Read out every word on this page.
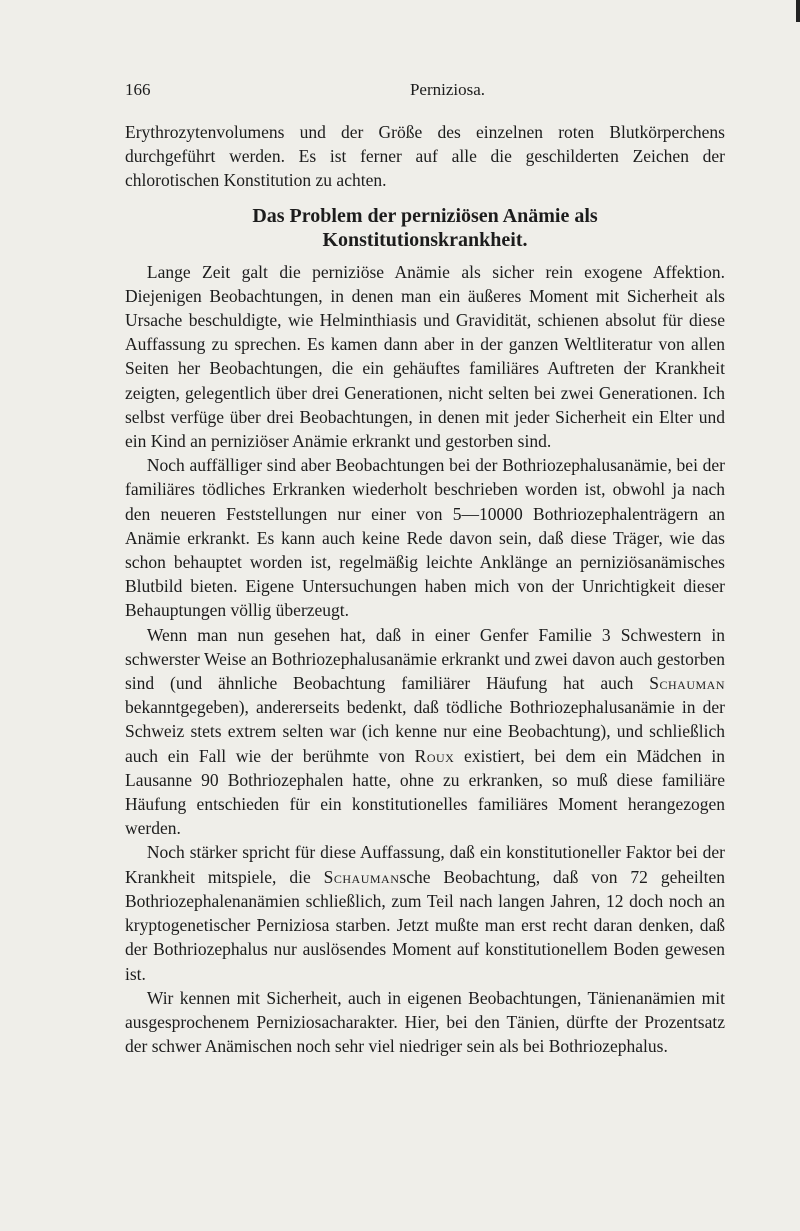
166	Perniziosa.

Erythrozytenvolumens und der Größe des einzelnen roten Blutkörperchens durchgeführt werden. Es ist ferner auf alle die geschilderten Zeichen der chlorotischen Konstitution zu achten.

Das Problem der perniziösen Anämie als
Konstitutionskrankheit.

Lange Zeit galt die perniziöse Anämie als sicher rein exogene Affektion. Diejenigen Beobachtungen, in denen man ein äußeres Moment mit Sicherheit als Ursache beschuldigte, wie Helminthiasis und Gravidität, schienen absolut für diese Auffassung zu sprechen. Es kamen dann aber in der ganzen Weltliteratur von allen Seiten her Beobachtungen, die ein gehäuftes familiäres Auftreten der Krankheit zeigten, gelegentlich über drei Generationen, nicht selten bei zwei Generationen. Ich selbst verfüge über drei Beobachtungen, in denen mit jeder Sicherheit ein Elter und ein Kind an perniziöser Anämie erkrankt und gestorben sind.

Noch auffälliger sind aber Beobachtungen bei der Bothriozephalusanämie, bei der familiäres tödliches Erkranken wiederholt beschrieben worden ist, obwohl ja nach den neueren Feststellungen nur einer von 5—10000 Bothriozephalenträgern an Anämie erkrankt. Es kann auch keine Rede davon sein, daß diese Träger, wie das schon behauptet worden ist, regelmäßig leichte Anklänge an perniziösanämisches Blutbild bieten. Eigene Untersuchungen haben mich von der Unrichtigkeit dieser Behauptungen völlig überzeugt.

Wenn man nun gesehen hat, daß in einer Genfer Familie 3 Schwestern in schwerster Weise an Bothriozephalusanämie erkrankt und zwei davon auch gestorben sind (und ähnliche Beobachtung familiärer Häufung hat auch Schauman bekanntgegeben), andererseits bedenkt, daß tödliche Bothriozephalusanämie in der Schweiz stets extrem selten war (ich kenne nur eine Beobachtung), und schließlich auch ein Fall wie der berühmte von Roux existiert, bei dem ein Mädchen in Lausanne 90 Bothriozephalen hatte, ohne zu erkranken, so muß diese familiäre Häufung entschieden für ein konstitutionelles familiäres Moment herangezogen werden.

Noch stärker spricht für diese Auffassung, daß ein konstitutioneller Faktor bei der Krankheit mitspiele, die Schaumansche Beobachtung, daß von 72 geheilten Bothriozephalenanämien schließlich, zum Teil nach langen Jahren, 12 doch noch an kryptogenetischer Perniziosa starben. Jetzt mußte man erst recht daran denken, daß der Bothriozephalus nur auslösendes Moment auf konstitutionellem Boden gewesen ist.

Wir kennen mit Sicherheit, auch in eigenen Beobachtungen, Tänienanämien mit ausgesprochenem Perniziosacharakter. Hier, bei den Tänien, dürfte der Prozentsatz der schwer Anämischen noch sehr viel niedriger sein als bei Bothriozephalus.
